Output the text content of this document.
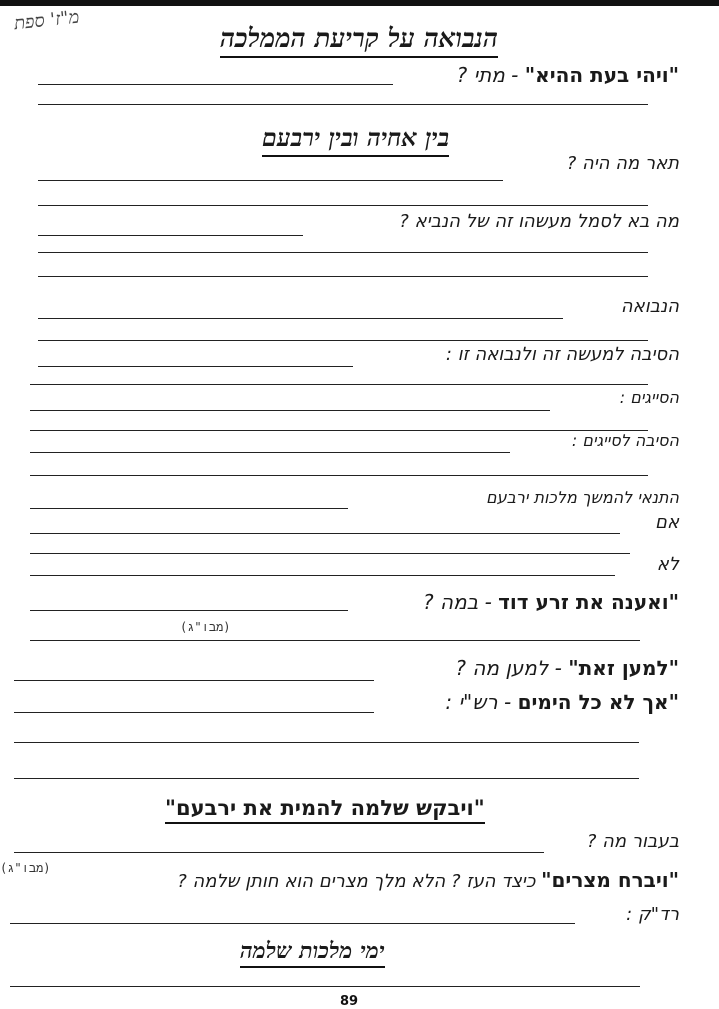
מ"ז' ספת
הנבואה על קריעת הממלכה
"ויהי בעת ההיא" - מתי ?
בין אחיה ובין ירבעם
תאר מה היה ?
מה בא לסמל מעשהו זה של הנביא ?
הנבואה
הסיבה למעשה זה ולנבואה זו :
הסייגים :
הסיבה לסייגים :
התנאי להמשך מלכות ירבעם
אם
לא
"ואענה את זרע דוד - במה ?
(מבו"ג)
"למען זאת" - למען מה ?
"אך לא כל הימים - רש"י :
"ויבקש שלמה להמית את ירבעם"
בעבור מה ?
(מבו"ג)	"ויברח מצרים" כיצד העז ? הלא מלך מצרים הוא חותן שלמה ?
רד"ק :
ימי מלכות שלמה
89
